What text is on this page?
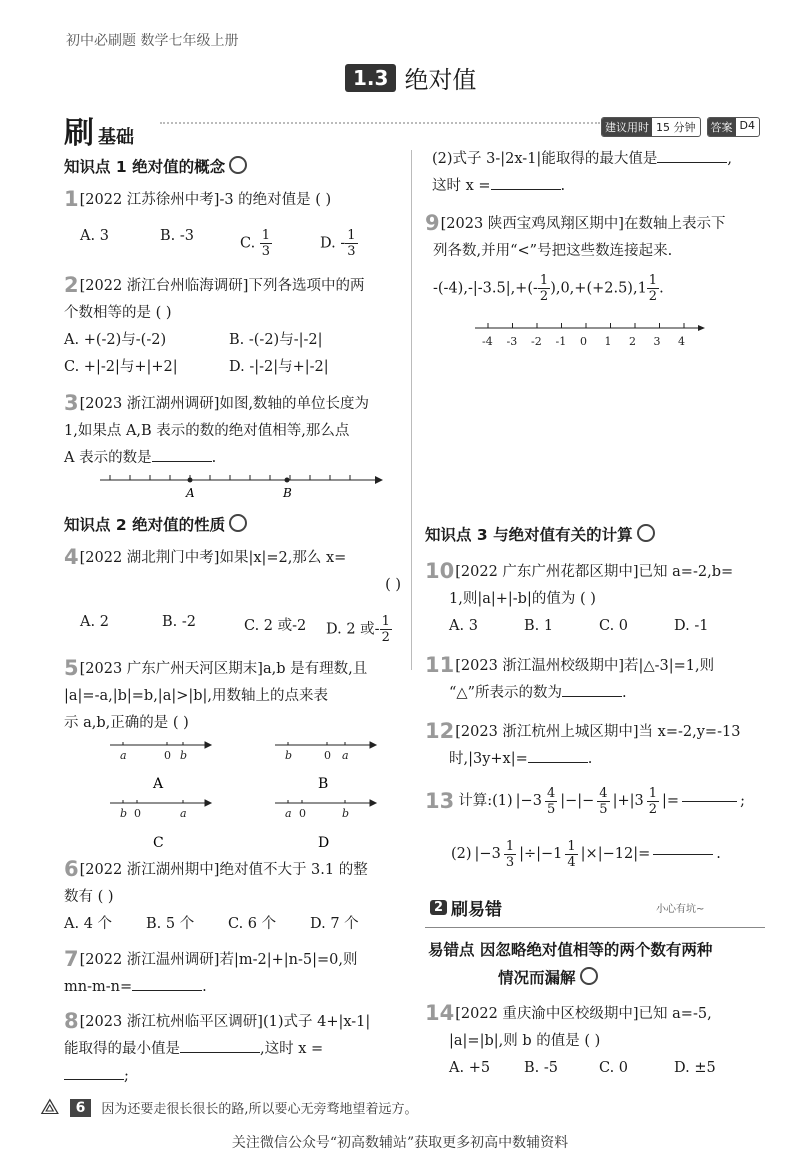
初中必刷题 数学七年级上册
1.3 绝对值
刷 基础	建议用时 15 分钟	答案 D4
知识点 1 绝对值的概念
1[2022 江苏徐州中考]-3 的绝对值是 ( )
A. 3	B. -3	C. $\frac{1}{3}$	D. - $\frac{1}{3}$
2[2022 浙江台州临海调研]下列各选项中的两
个数相等的是 ( )
A. +(-2)与-(-2)	B. -(-2)与-|-2|
C. +|-2|与+|+2|	D. -|-2|与+|-2|
3[2023 浙江湖州调研]如图,数轴的单位长度为
1,如果点 A,B 表示的数的绝对值相等,那么点
A 表示的数是	.
A	B
知识点 2 绝对值的性质
4[2022 湖北荆门中考]如果|x|=2,那么 x=
( )
A. 2	B. -2	C. 2 或-2	D. 2 或- $\frac{1}{2}$
5[2023 广东广州天河区期末]a,b 是有理数,且
|a|=-a,|b|=b,|a|>|b|,用数轴上的点来表
示 a,b,正确的是 ( )
a	0 b	b	0 a
b 0	a	a 0	b
A	B
C	D
6[2022 浙江湖州期中]绝对值不大于 3.1 的整
数有 ( )
A. 4 个	B. 5 个	C. 6 个	D. 7 个
7[2022 浙江温州调研]若|m-2|+|n-5|=0,则
mn-m-n=	.
8[2023 浙江杭州临平区调研](1)式子 4+|x-1|
能取得的最小值是	,这时 x =
;
(2)式子 3-|2x-1|能取得的最大值是	,
这时 x =	.
9[2023 陕西宝鸡凤翔区期中]在数轴上表示下
列各数,并用“<”号把这些数连接起来.
$-(-4),-|-3.5|,+(- \frac{1}{2} ),0,+(+2.5),1 \frac{1}{2}$ .
-4 -3 -2 -1 0 1 2 3 4
知识点 3 与绝对值有关的计算
10[2022 广东广州花都区期中]已知 a=-2,b=
1,则|a|+|-b|的值为 ( )
A. 3	B. 1	C. 0	D. -1
11[2023 浙江温州校级期中]若|△-3|=1,则
“△”所表示的数为	.
12[2023 浙江杭州上城区期中]当 x=-2,y=-13
时,|3y+x|=	.
13 计算:(1) $|-3 \frac{4}{5}$ |−|− $\frac{4}{5} |+|3 \frac{1}{2}$ |=	;
(2) $|-3 \frac{1}{3} |\div|-1 \frac{1}{4} |\times|-12|=$	.
2 刷易错	小心有坑~
易错点 因忽略绝对值相等的两个数有两种
情况而漏解
14[2022 重庆渝中区校级期中]已知 a=-5,
|a|=|b|,则 b 的值是 ( )
A. +5	B. -5	C. 0	D. ±5
⟁	6	因为还要走很长很长的路,所以要心无旁骛地望着远方。
关注微信公众号“初高数辅站”获取更多初高中数辅资料
